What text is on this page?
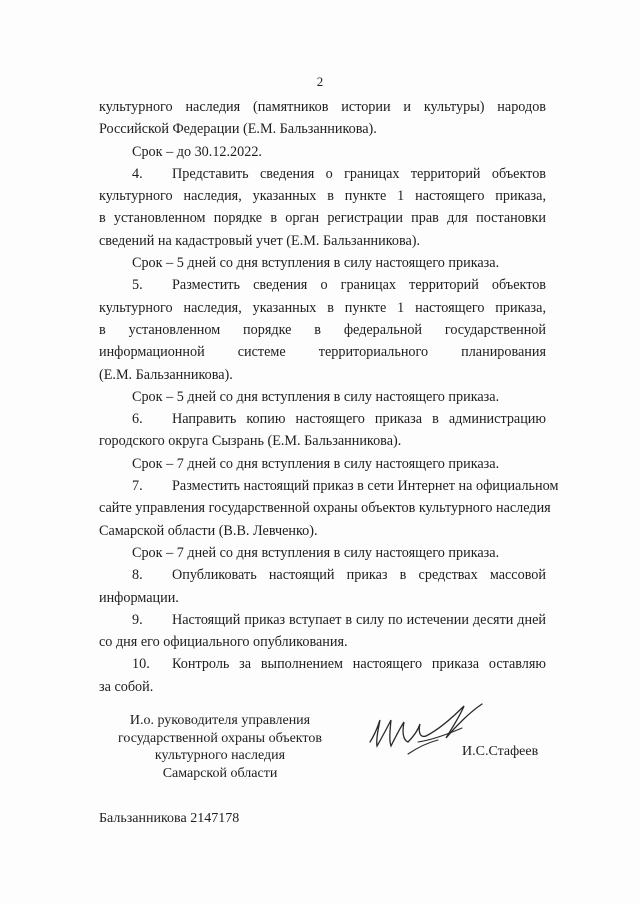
2
культурного наследия (памятников истории и культуры) народов
Российской Федерации (Е.М. Бальзанникова).
Срок – до 30.12.2022.
4. Представить сведения о границах территорий объектов
культурного наследия, указанных в пункте 1 настоящего приказа,
в установленном порядке в орган регистрации прав для постановки
сведений на кадастровый учет (Е.М. Бальзанникова).
Срок – 5 дней со дня вступления в силу настоящего приказа.
5. Разместить сведения о границах территорий объектов
культурного наследия, указанных в пункте 1 настоящего приказа,
в установленном порядке в федеральной государственной
информационной системе территориального планирования
(Е.М. Бальзанникова).
Срок – 5 дней со дня вступления в силу настоящего приказа.
6. Направить копию настоящего приказа в администрацию
городского округа Сызрань (Е.М. Бальзанникова).
Срок – 7 дней со дня вступления в силу настоящего приказа.
7. Разместить настоящий приказ в сети Интернет на официальном
сайте управления государственной охраны объектов культурного наследия
Самарской области (В.В. Левченко).
Срок – 7 дней со дня вступления в силу настоящего приказа.
8. Опубликовать настоящий приказ в средствах массовой
информации.
9. Настоящий приказ вступает в силу по истечении десяти дней
со дня его официального опубликования.
10. Контроль за выполнением настоящего приказа оставляю
за собой.
И.о. руководителя управления
государственной охраны объектов
культурного наследия
Самарской области
И.С.Стафеев
Бальзанникова 2147178
